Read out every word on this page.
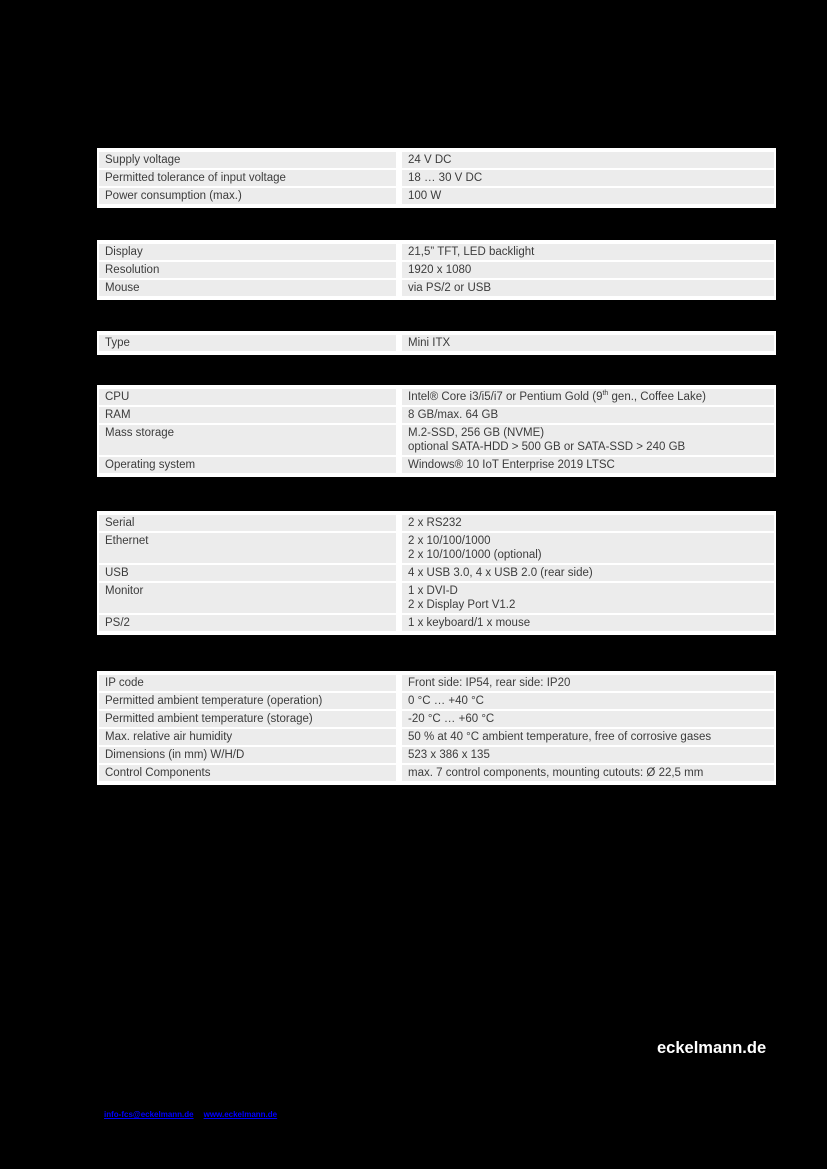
Supply voltage	24 V DC
Permitted tolerance of input voltage	18 … 30 V DC
Power consumption (max.)	100 W
Display	21,5” TFT, LED backlight
Resolution	1920 x 1080
Mouse	via PS/2 or USB
Type	Mini ITX
CPU	Intel® Core i3/i5/i7 or Pentium Gold (9th gen., Coffee Lake)
RAM	8 GB/max. 64 GB
Mass storage	M.2-SSD, 256 GB (NVME)
optional SATA-HDD > 500 GB or SATA-SSD > 240 GB

Operating system	Windows® 10 IoT Enterprise 2019 LTSC
Serial	2 x RS232
Ethernet	2 x 10/100/1000
2 x 10/100/1000 (optional)

USB	4 x USB 3.0, 4 x USB 2.0 (rear side)
Monitor	1 x DVI-D
2 x Display Port V1.2

PS/2	1 x keyboard/1 x mouse
IP code	Front side: IP54, rear side: IP20
Permitted ambient temperature (operation)	0 °C … +40 °C
Permitted ambient temperature (storage)	-20 °C … +60 °C
Max. relative air humidity	50 % at 40 °C ambient temperature, free of corrosive gases
Dimensions (in mm) W/H/D	523 x 386 x 135
Control Components	max. 7 control components, mounting cutouts: Ø 22,5 mm
eckelmann.de
info-fcs@eckelmann.de www.eckelmann.de
